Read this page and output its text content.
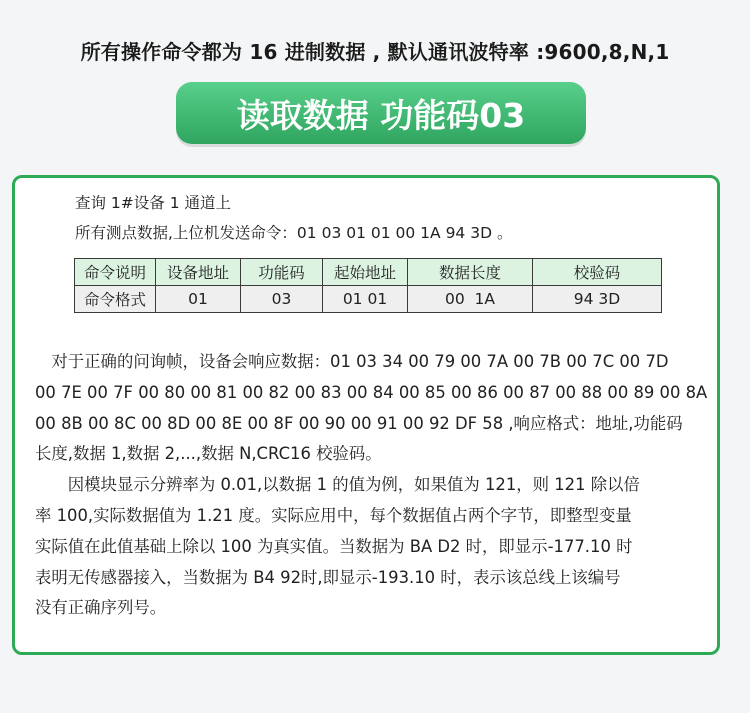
所有操作命令都为 16 进制数据 , 默认通讯波特率 :9600,8,N,1
读取数据 功能码03
查询 1#设备 1 通道上
所有测点数据,上位机发送命令：01 03 01 01 00 1A 94 3D 。
命令说明	设备地址	功能码	起始地址	数据长度	校验码
命令格式	01	03	01 01	00  1A	94 3D

　对于正确的问询帧，设备会响应数据：01 03 34 00 79 00 7A 00 7B 00 7C 00 7D

00 7E 00 7F 00 80 00 81 00 82 00 83 00 84 00 85 00 86 00 87 00 88 00 89 00 8A

00 8B 00 8C 00 8D 00 8E 00 8F 00 90 00 91 00 92 DF 58 ,响应格式：地址,功能码

长度,数据 1,数据 2,...,数据 N,CRC16 校验码。

　　因模块显示分辨率为 0.01,以数据 1 的值为例，如果值为 121，则 121 除以倍

率 100,实际数据值为 1.21 度。实际应用中，每个数据值占两个字节，即整型变量

实际值在此值基础上除以 100 为真实值。当数据为 BA D2 时，即显示-177.10 时

表明无传感器接入，当数据为 B4 92时,即显示-193.10 时，表示该总线上该编号

没有正确序列号。
